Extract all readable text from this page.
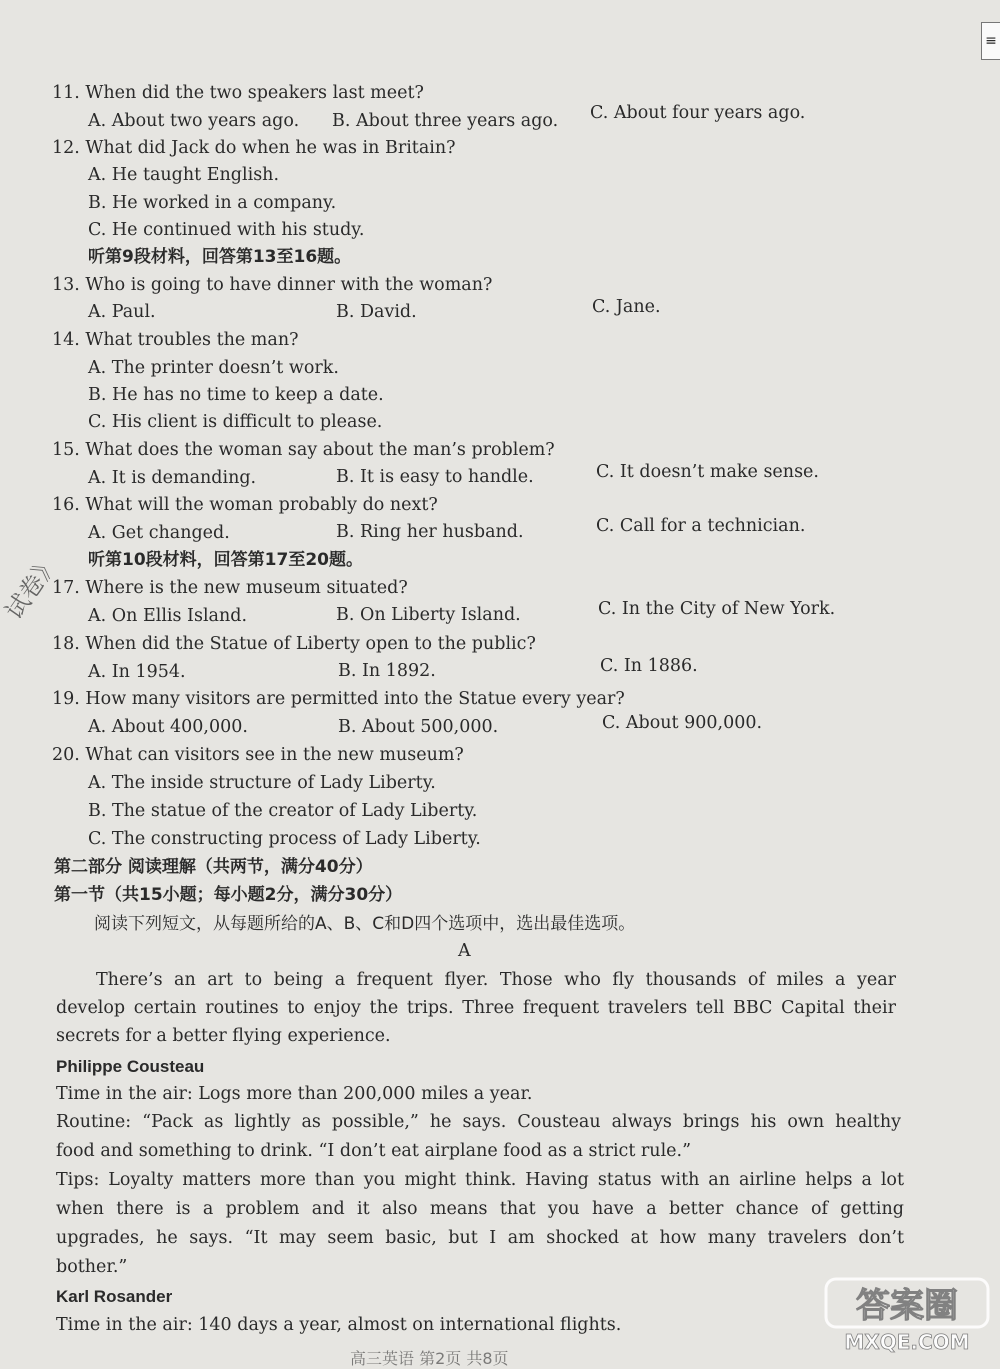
≡
11. When did the two speakers last meet?
A. About two years ago. B. About three years ago. C. About four years ago.
12. What did Jack do when he was in Britain?
A. He taught English.
B. He worked in a company.
C. He continued with his study.
听第9段材料，回答第13至16题。
13. Who is going to have dinner with the woman?
A. Paul.	B. David.	C. Jane.
14. What troubles the man?
A. The printer doesn’t work.
B. He has no time to keep a date.
C. His client is difficult to please.
15. What does the woman say about the man’s problem?
A. It is demanding.	B. It is easy to handle.	C. It doesn’t make sense.
16. What will the woman probably do next?
A. Get changed.	B. Ring her husband.	C. Call for a technician.
听第10段材料，回答第17至20题。
17. Where is the new museum situated?
A. On Ellis Island.	B. On Liberty Island.	C. In the City of New York.
18. When did the Statue of Liberty open to the public?
A. In 1954.	B. In 1892.	C. In 1886.
19. How many visitors are permitted into the Statue every year?
A. About 400,000.	B. About 500,000.	C. About 900,000.
20. What can visitors see in the new museum?
A. The inside structure of Lady Liberty.
B. The statue of the creator of Lady Liberty.
C. The constructing process of Lady Liberty.
第二部分 阅读理解（共两节，满分40分）
第一节（共15小题；每小题2分，满分30分）
阅读下列短文，从每题所给的A、B、C和D四个选项中，选出最佳选项。
A
There’s an art to being a frequent flyer. Those who fly thousands of miles a year
develop certain routines to enjoy the trips. Three frequent travelers tell BBC Capital their
secrets for a better flying experience.
Philippe Cousteau
Time in the air: Logs more than 200,000 miles a year.
Routine: “Pack as lightly as possible,” he says. Cousteau always brings his own healthy
food and something to drink. “I don’t eat airplane food as a strict rule.”
Tips: Loyalty matters more than you might think. Having status with an airline helps a lot
when there is a problem and it also means that you have a better chance of getting
upgrades, he says. “It may seem basic, but I am shocked at how many travelers don’t
bother.”
Karl Rosander
Time in the air: 140 days a year, almost on international flights.
高三英语 第2页 共8页
试卷》
答案圈
MXQE.COM
